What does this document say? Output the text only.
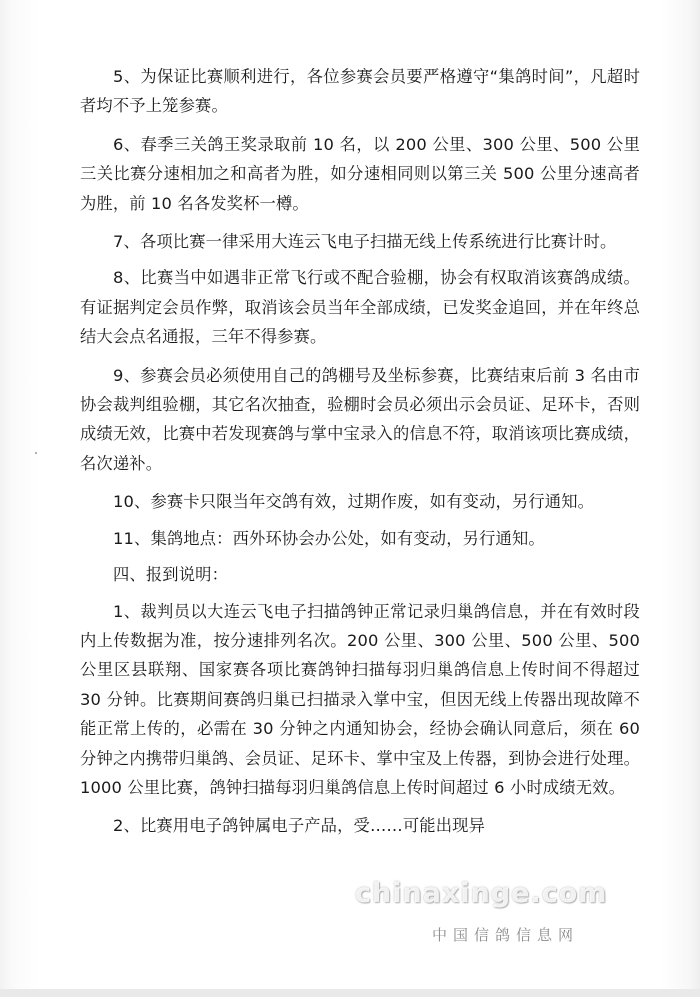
5、为保证比赛顺利进行，各位参赛会员要严格遵守“集鸽时间”，凡超时者均不予上笼参赛。

6、春季三关鸽王奖录取前 10 名，以 200 公里、300 公里、500 公里三关比赛分速相加之和高者为胜，如分速相同则以第三关 500 公里分速高者为胜，前 10 名各发奖杯一樽。

7、各项比赛一律采用大连云飞电子扫描无线上传系统进行比赛计时。

8、比赛当中如遇非正常飞行或不配合验棚，协会有权取消该赛鸽成绩。有证据判定会员作弊，取消该会员当年全部成绩，已发奖金追回，并在年终总结大会点名通报，三年不得参赛。

9、参赛会员必须使用自己的鸽棚号及坐标参赛，比赛结束后前 3 名由市协会裁判组验棚，其它名次抽查，验棚时会员必须出示会员证、足环卡，否则成绩无效，比赛中若发现赛鸽与掌中宝录入的信息不符，取消该项比赛成绩，名次递补。

10、参赛卡只限当年交鸽有效，过期作废，如有变动，另行通知。

11、集鸽地点：西外环协会办公处，如有变动，另行通知。

四、报到说明：

1、裁判员以大连云飞电子扫描鸽钟正常记录归巢鸽信息，并在有效时段内上传数据为准，按分速排列名次。200 公里、300 公里、500 公里、500 公里区县联翔、国家赛各项比赛鸽钟扫描每羽归巢鸽信息上传时间不得超过 30 分钟。比赛期间赛鸽归巢已扫描录入掌中宝，但因无线上传器出现故障不能正常上传的，必需在 30 分钟之内通知协会，经协会确认同意后，须在 60 分钟之内携带归巢鸽、会员证、足环卡、掌中宝及上传器，到协会进行处理。1000 公里比赛，鸽钟扫描每羽归巢鸽信息上传时间超过 6 小时成绩无效。

2、比赛用电子鸽钟属电子产品，受……可能出现异

chinaxinge.com
中国信鸽信息网
